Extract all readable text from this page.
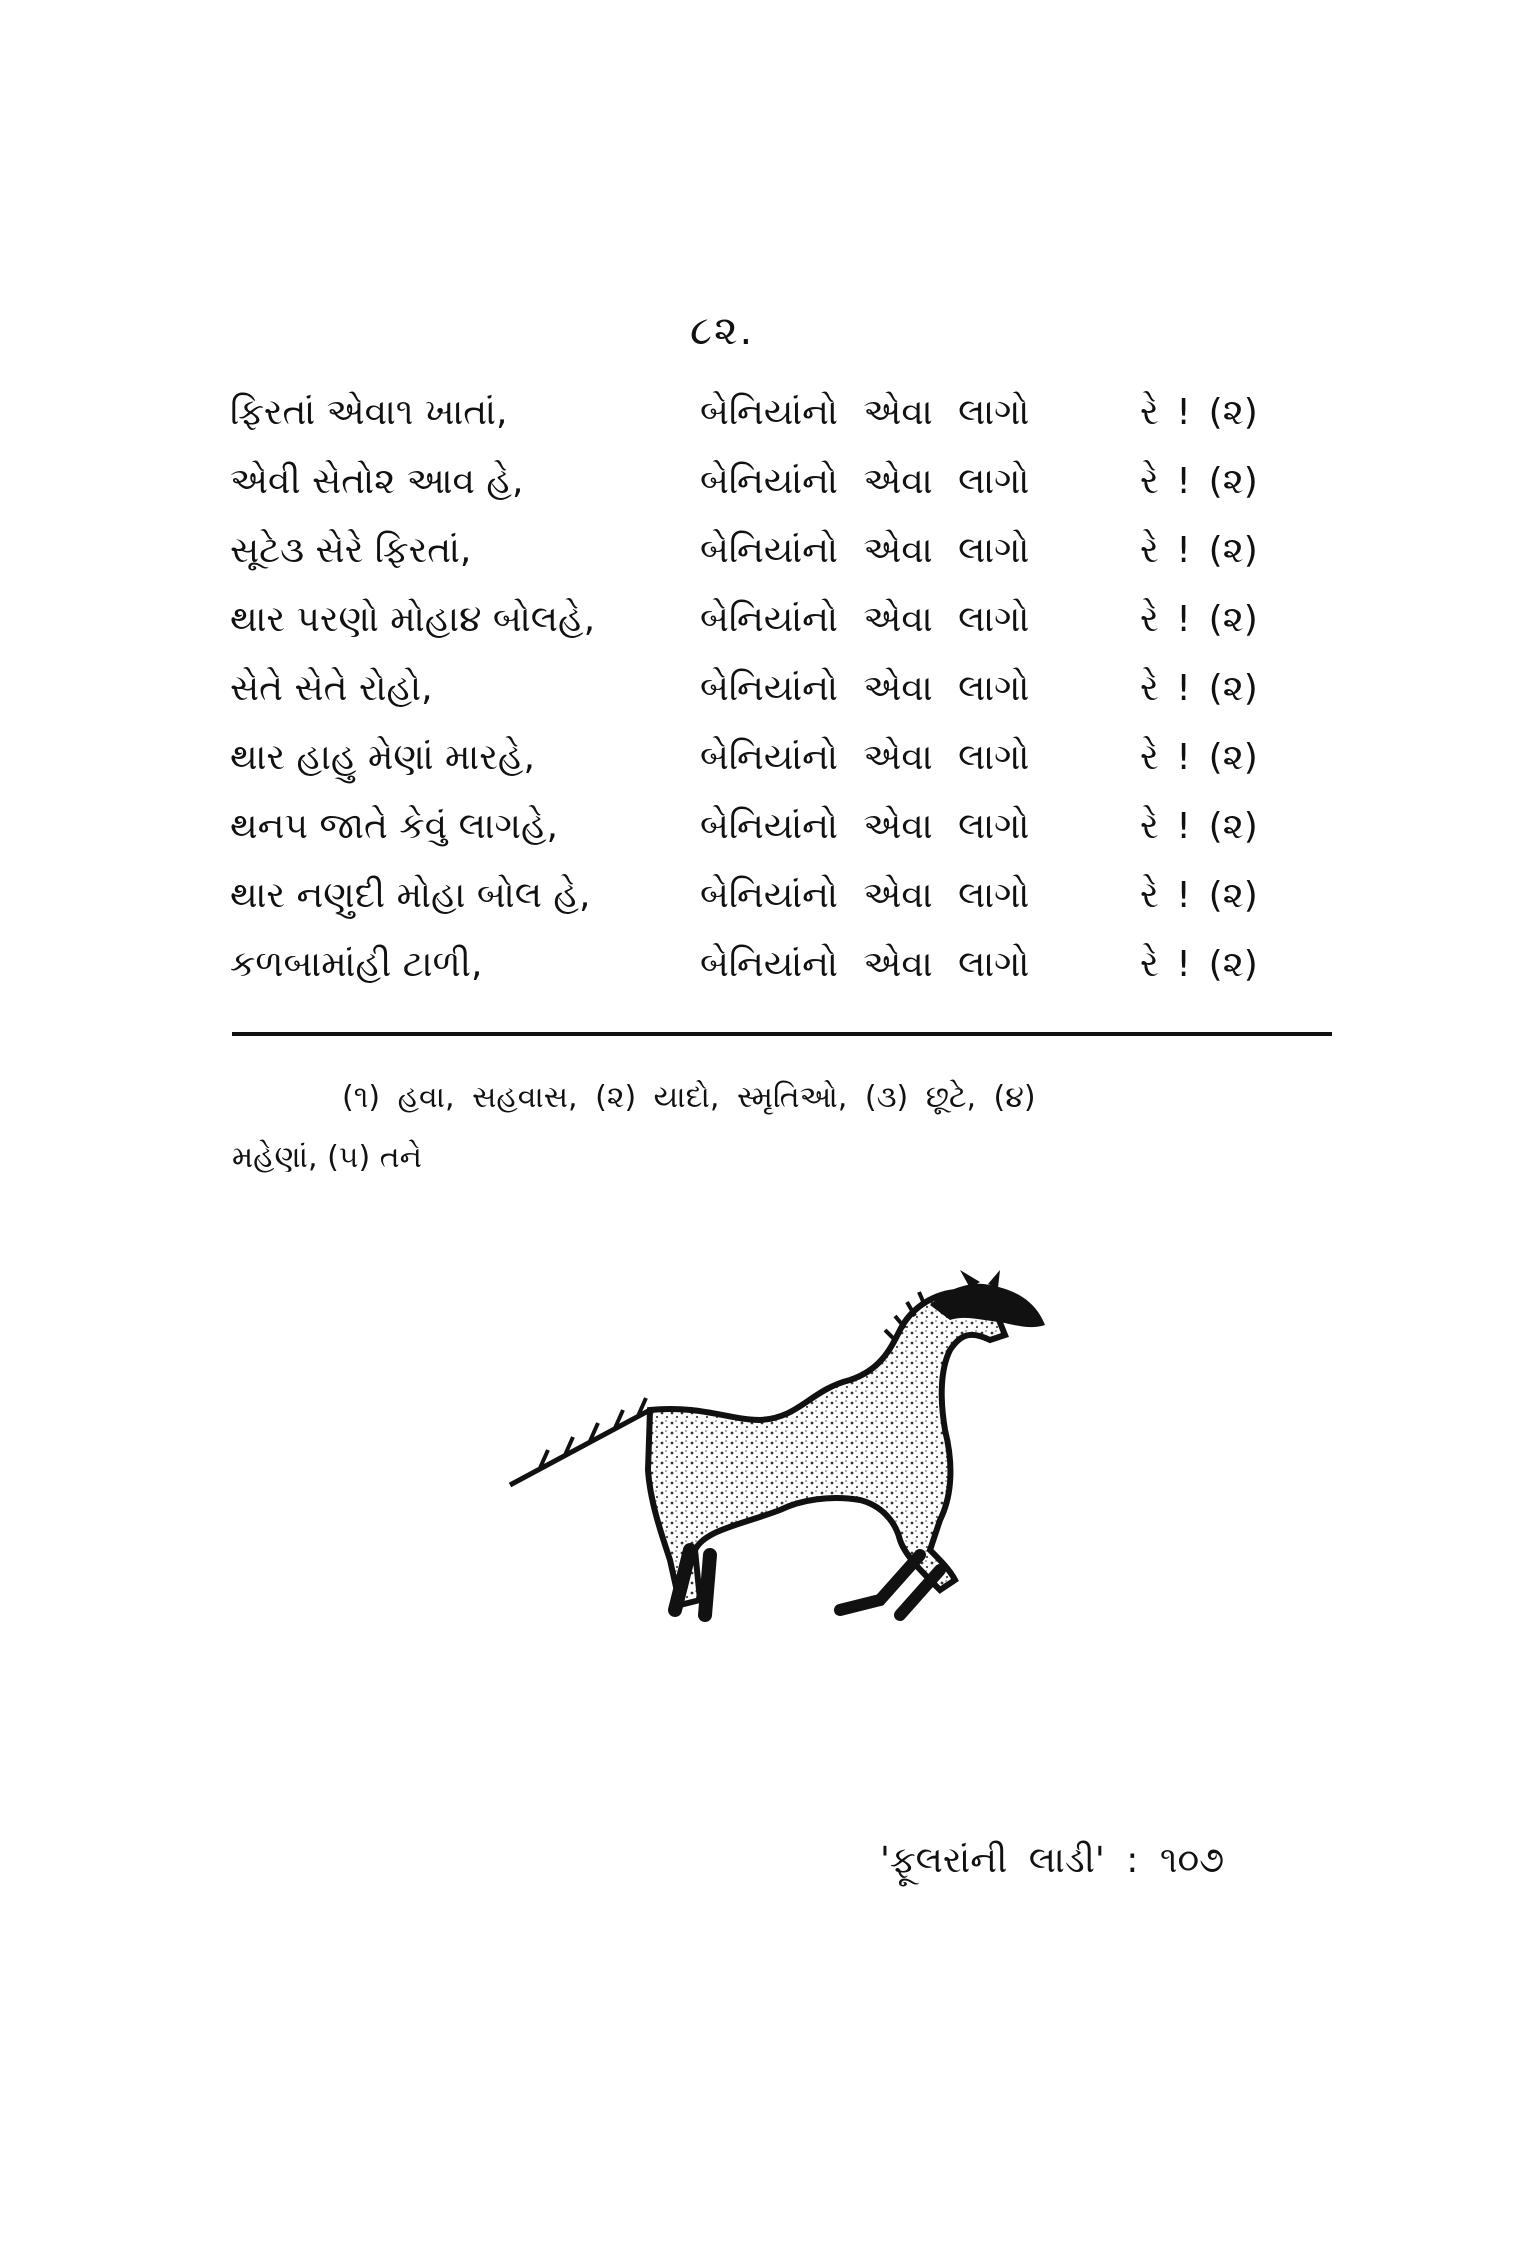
૮૨.
ફિરતાં એવા૧ ખાતાં,	બેનિયાંનો એવા લાગો	રે ! (૨)
એવી સેતો૨ આવ હે,	બેનિયાંનો એવા લાગો	રે ! (૨)
સૂટે૩ સેરે ફિરતાં,	બેનિયાંનો એવા લાગો	રે ! (૨)
થાર પરણો મોહા૪ બોલહે,	બેનિયાંનો એવા લાગો	રે ! (૨)
સેતે સેતે રોહો,	બેનિયાંનો એવા લાગો	રે ! (૨)
થાર હાહુ મેણાં મારહે,	બેનિયાંનો એવા લાગો	રે ! (૨)
થન૫ જાતે કેવું લાગહે,	બેનિયાંનો એવા લાગો	રે ! (૨)
થાર નણુદી મોહા બોલ હે,	બેનિયાંનો એવા લાગો	રે ! (૨)
કળબામાંહી ટાળી,	બેનિયાંનો એવા લાગો	રે ! (૨)
(૧) હવા, સહવાસ, (૨) યાદો, સ્મૃતિઓ, (૩) છૂટે, (૪)
મહેણાં, (૫) તને
'ફૂલરાંની લાડી' : ૧૦૭
